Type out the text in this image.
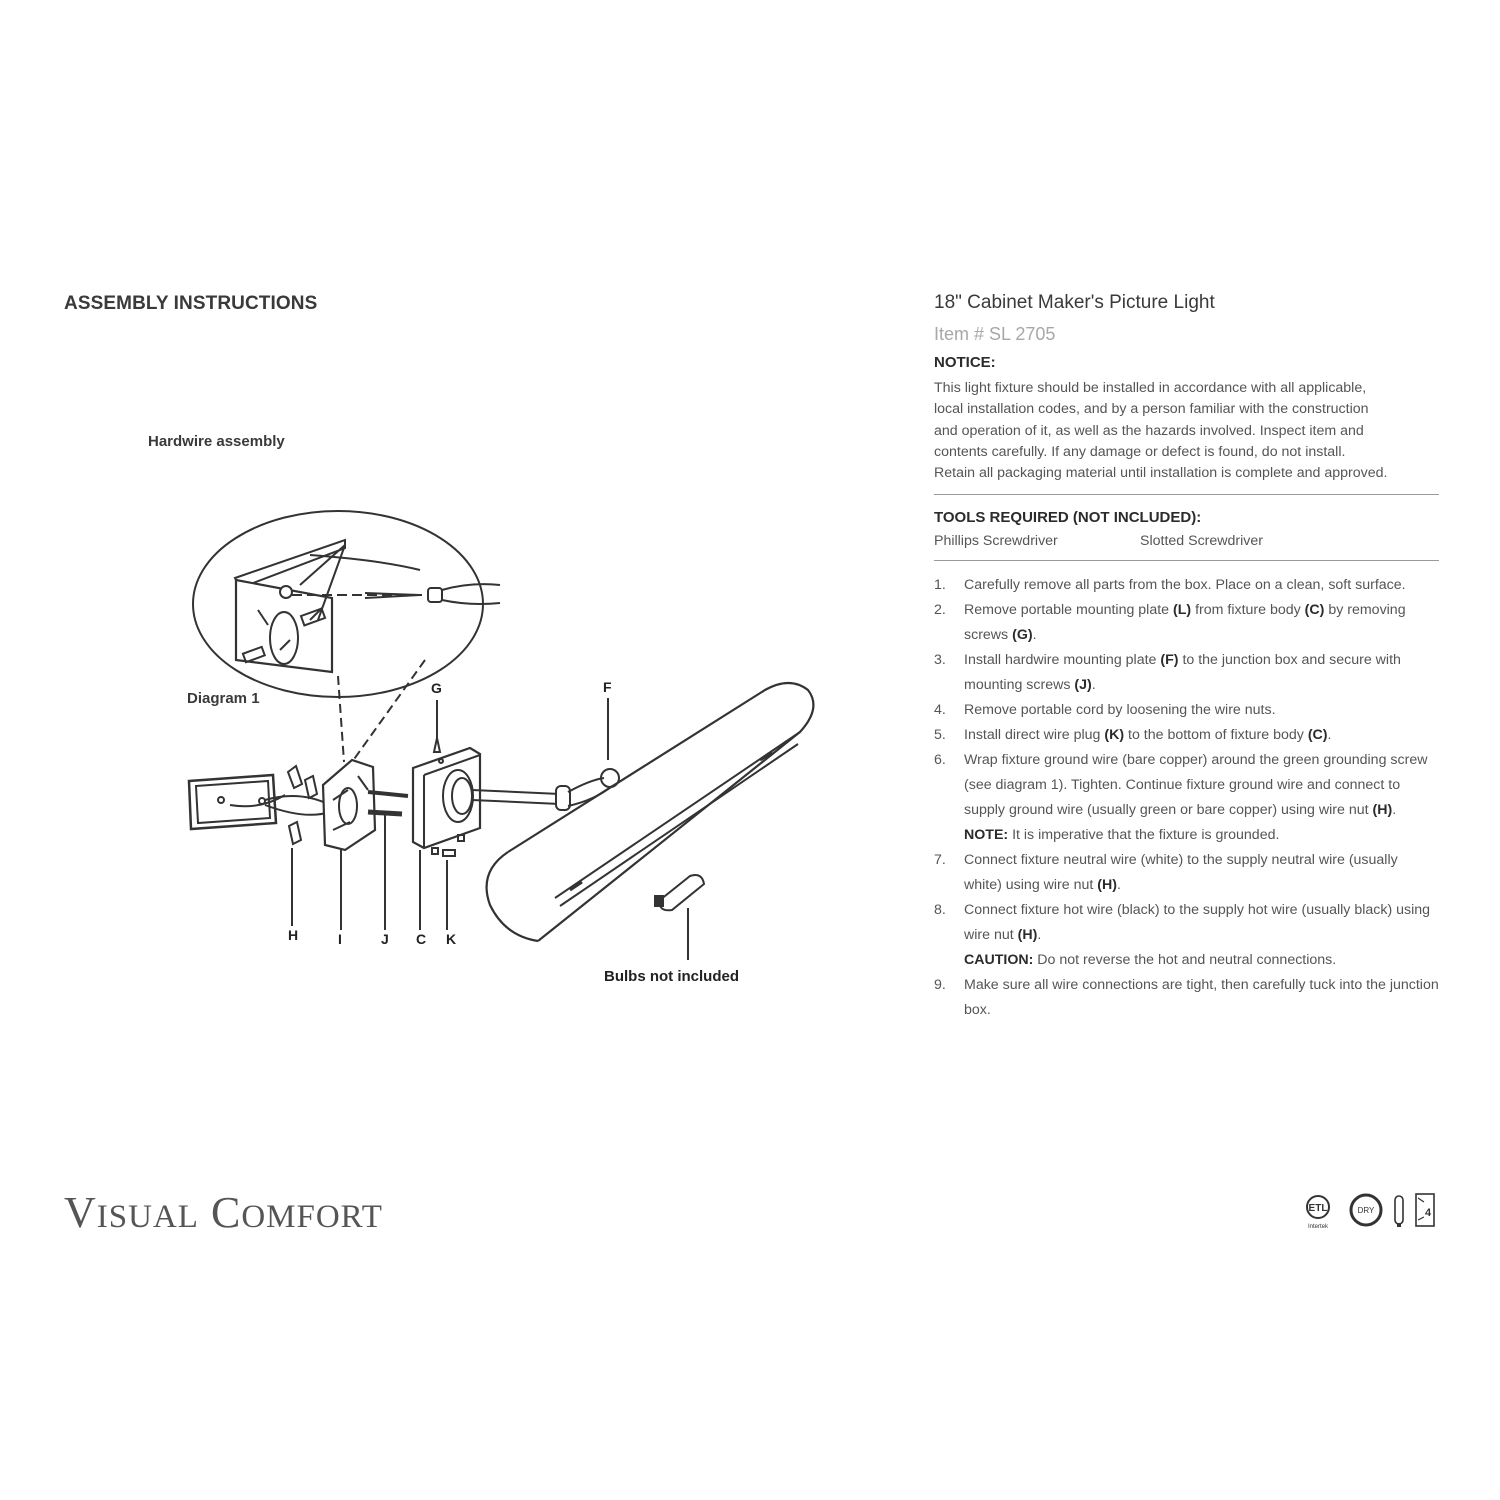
ASSEMBLY INSTRUCTIONS
Hardwire assembly
Diagram 1
G	F
H	I	J C K
Bulbs not included
18" Cabinet Maker's Picture Light
Item # SL 2705
NOTICE:
This light fixture should be installed in accordance with all applicable,
local installation codes, and by a person familiar with the construction
and operation of it, as well as the hazards involved. Inspect item and
contents carefully. If any damage or defect is found, do not install.
Retain all packaging material until installation is complete and approved.
TOOLS REQUIRED (NOT INCLUDED):
Phillips Screwdriver	Slotted Screwdriver
1.	Carefully remove all parts from the box. Place on a clean, soft surface.
2.	Remove portable mounting plate (L) from fixture body (C) by removing screws (G).
3.	Install hardwire mounting plate (F) to the junction box and secure with mounting screws (J).
4.	Remove portable cord by loosening the wire nuts.
5.	Install direct wire plug (K) to the bottom of fixture body (C).
6.	Wrap fixture ground wire (bare copper) around the green grounding screw (see diagram 1). Tighten. Continue fixture ground wire and connect to supply ground wire (usually green or bare copper) using wire nut (H).
NOTE: It is imperative that the fixture is grounded.
7.	Connect fixture neutral wire (white) to the supply neutral wire (usually white) using wire nut (H).
8.	Connect fixture hot wire (black) to the supply hot wire (usually black) using wire nut (H).
CAUTION: Do not reverse the hot and neutral connections.
9.	Make sure all wire connections are tight, then carefully tuck into the junction box.
VISUAL COMFORT	ETL
Intertek
DRY	4
